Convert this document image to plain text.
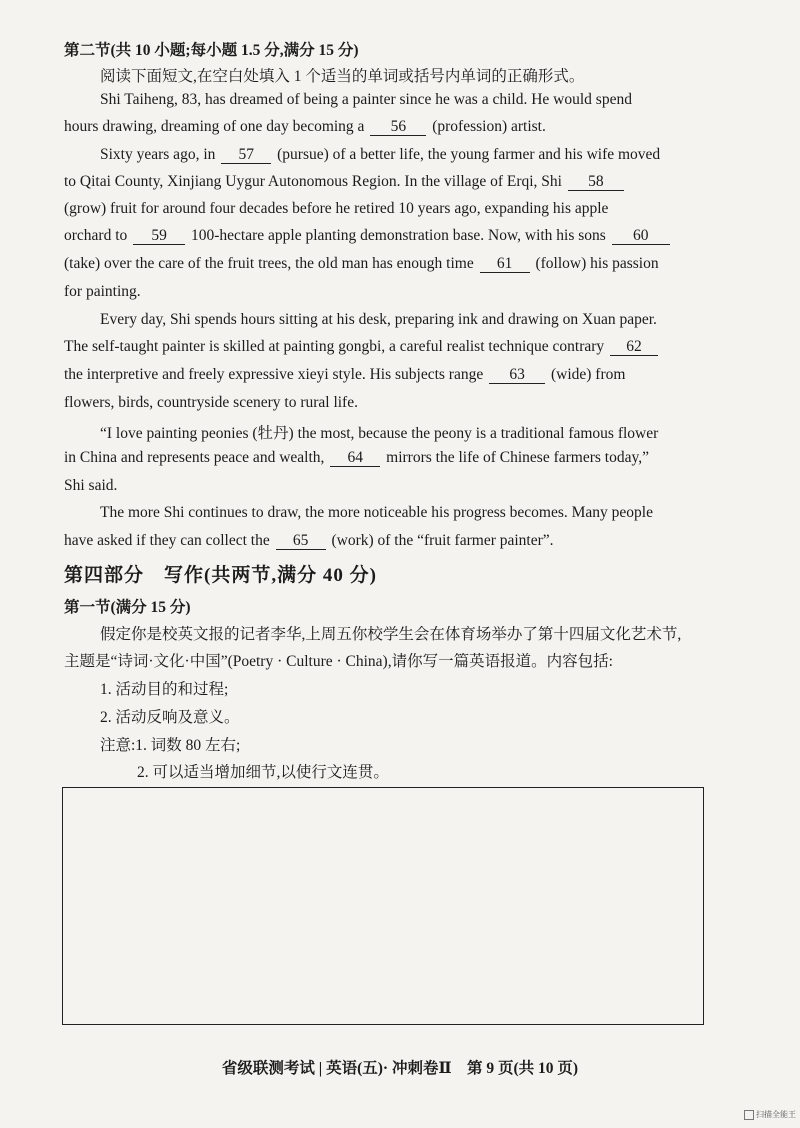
第二节(共 10 小题;每小题 1.5 分,满分 15 分)
阅读下面短文,在空白处填入 1 个适当的单词或括号内单词的正确形式。
Shi Taiheng, 83, has dreamed of being a painter since he was a child. He would spend
hours drawing, dreaming of one day becoming a 56 (profession) artist.
Sixty years ago, in 57 (pursue) of a better life, the young farmer and his wife moved
to Qitai County, Xinjiang Uygur Autonomous Region. In the village of Erqi, Shi 58
(grow) fruit for around four decades before he retired 10 years ago, expanding his apple
orchard to 59 100-hectare apple planting demonstration base. Now, with his sons 60
(take) over the care of the fruit trees, the old man has enough time 61 (follow) his passion
for painting.
Every day, Shi spends hours sitting at his desk, preparing ink and drawing on Xuan paper.
The self-taught painter is skilled at painting gongbi, a careful realist technique contrary 62
the interpretive and freely expressive xieyi style. His subjects range 63 (wide) from
flowers, birds, countryside scenery to rural life.
“I love painting peonies (牡丹) the most, because the peony is a traditional famous flower
in China and represents peace and wealth, 64 mirrors the life of Chinese farmers today,”
Shi said.
The more Shi continues to draw, the more noticeable his progress becomes. Many people
have asked if they can collect the 65 (work) of the “fruit farmer painter”.
第四部分　写作(共两节,满分 40 分)
第一节(满分 15 分)
假定你是校英文报的记者李华,上周五你校学生会在体育场举办了第十四届文化艺术节,
主题是“诗词·文化·中国”(Poetry · Culture · China),请你写一篇英语报道。内容包括:
1. 活动目的和过程;
2. 活动反响及意义。
注意:1. 词数 80 左右;
2. 可以适当增加细节,以使行文连贯。
省级联测考试 | 英语(五)· 冲刺卷Ⅱ　第 9 页(共 10 页)
扫描全能王
